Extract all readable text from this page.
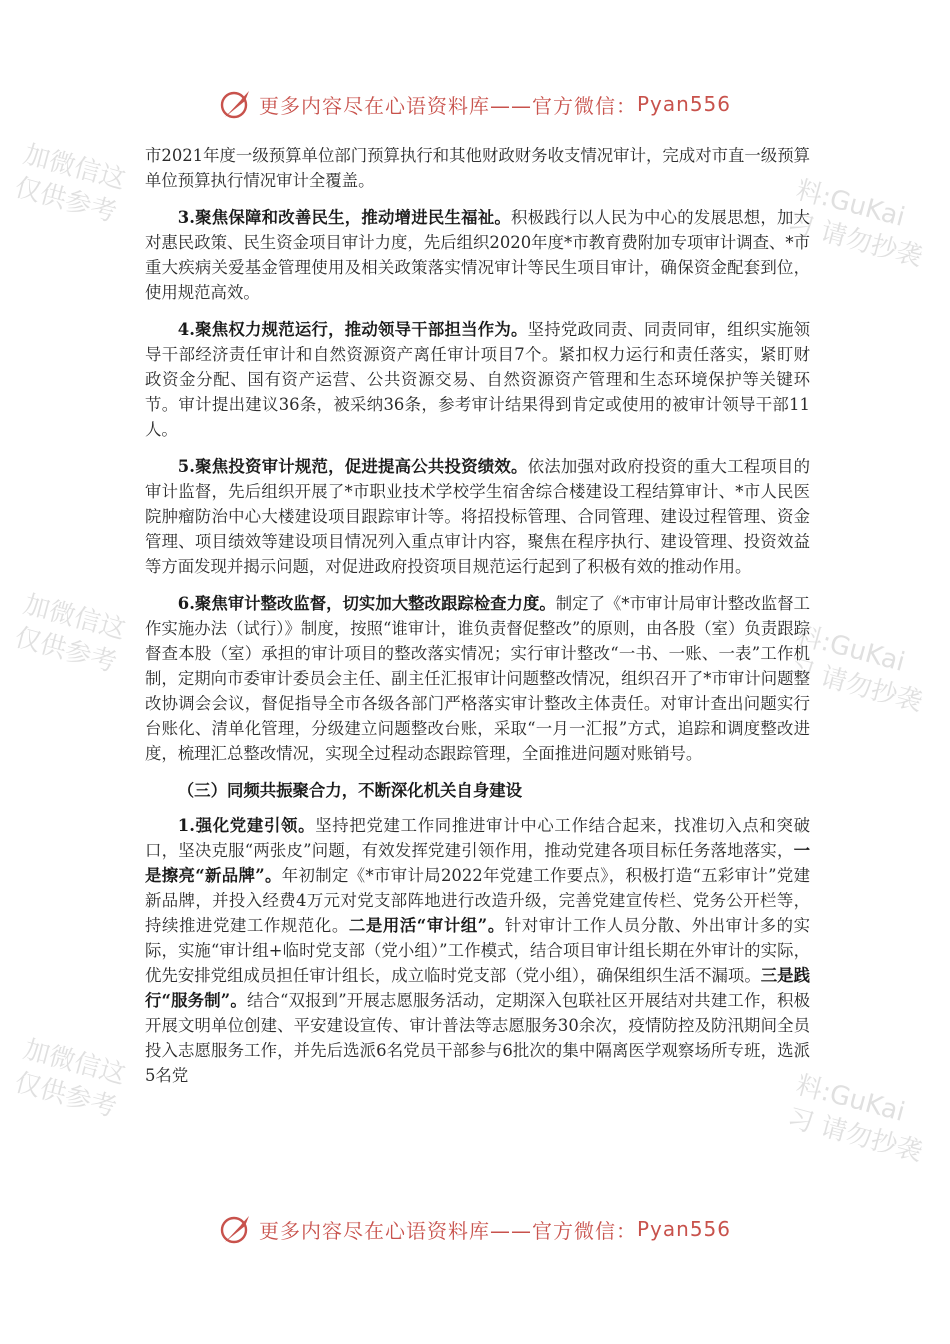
更多内容尽在心语资料库——官方微信： Pyan556
加微信这
仅供参考	料:GuKai
习 请勿抄袭
加微信这
仅供参考	料:GuKai
习 请勿抄袭
加微信这
仅供参考	料:GuKai
习 请勿抄袭

市2021年度一级预算单位部门预算执行和其他财政财务收支情况审计，完成对市直一级预算单位预算执行情况审计全覆盖。

3.聚焦保障和改善民生，推动增进民生福祉。积极践行以人民为中心的发展思想，加大对惠民政策、民生资金项目审计力度，先后组织2020年度*市教育费附加专项审计调查、*市重大疾病关爱基金管理使用及相关政策落实情况审计等民生项目审计，确保资金配套到位，使用规范高效。

4.聚焦权力规范运行，推动领导干部担当作为。坚持党政同责、同责同审，组织实施领导干部经济责任审计和自然资源资产离任审计项目7个。紧扣权力运行和责任落实，紧盯财政资金分配、国有资产运营、公共资源交易、自然资源资产管理和生态环境保护等关键环节。审计提出建议36条，被采纳36条，参考审计结果得到肯定或使用的被审计领导干部11人。

5.聚焦投资审计规范，促进提高公共投资绩效。依法加强对政府投资的重大工程项目的审计监督，先后组织开展了*市职业技术学校学生宿舍综合楼建设工程结算审计、*市人民医院肿瘤防治中心大楼建设项目跟踪审计等。将招投标管理、合同管理、建设过程管理、资金管理、项目绩效等建设项目情况列入重点审计内容，聚焦在程序执行、建设管理、投资效益等方面发现并揭示问题，对促进政府投资项目规范运行起到了积极有效的推动作用。

6.聚焦审计整改监督，切实加大整改跟踪检查力度。制定了《*市审计局审计整改监督工作实施办法（试行）》制度，按照“谁审计，谁负责督促整改”的原则，由各股（室）负责跟踪督查本股（室）承担的审计项目的整改落实情况；实行审计整改“一书、一账、一表”工作机制，定期向市委审计委员会主任、副主任汇报审计问题整改情况，组织召开了*市审计问题整改协调会会议，督促指导全市各级各部门严格落实审计整改主体责任。对审计查出问题实行台账化、清单化管理，分级建立问题整改台账，采取“一月一汇报”方式，追踪和调度整改进度，梳理汇总整改情况，实现全过程动态跟踪管理，全面推进问题对账销号。

（三）同频共振聚合力，不断深化机关自身建设

1.强化党建引领。坚持把党建工作同推进审计中心工作结合起来，找准切入点和突破口，坚决克服“两张皮”问题，有效发挥党建引领作用，推动党建各项目标任务落地落实，一是擦亮“新品牌”。年初制定《*市审计局2022年党建工作要点》，积极打造“五彩审计”党建新品牌，并投入经费4万元对党支部阵地进行改造升级，完善党建宣传栏、党务公开栏等，持续推进党建工作规范化。二是用活“审计组”。针对审计工作人员分散、外出审计多的实际，实施“审计组+临时党支部（党小组）”工作模式，结合项目审计组长期在外审计的实际，优先安排党组成员担任审计组长，成立临时党支部（党小组），确保组织生活不漏项。三是践行“服务制”。结合“双报到”开展志愿服务活动，定期深入包联社区开展结对共建工作，积极开展文明单位创建、平安建设宣传、审计普法等志愿服务30余次，疫情防控及防汛期间全员投入志愿服务工作，并先后选派6名党员干部参与6批次的集中隔离医学观察场所专班，选派5名党

更多内容尽在心语资料库——官方微信： Pyan556
